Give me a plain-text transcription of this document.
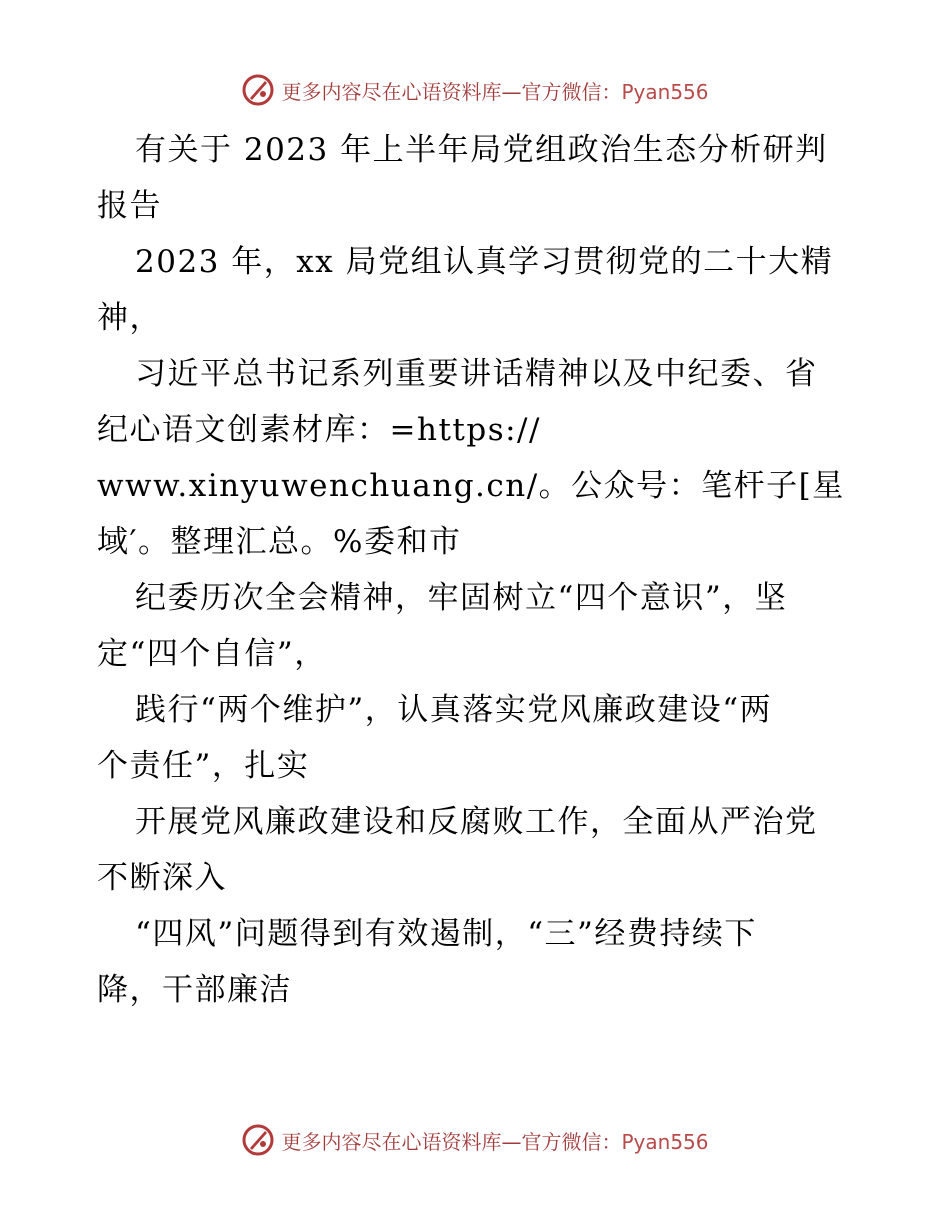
更多内容尽在心语资料库—官方微信：Pyan556
有关于 2023 年上半年局党组政治生态分析研判
报告
2023 年，xx 局党组认真学习贯彻党的二十大精
神，
习近平总书记系列重要讲话精神以及中纪委、省
纪心语文创素材库：=https://
www.xinyuwenchuang.cn/。公众号：笔杆子[星
域′。整理汇总。%委和市
纪委历次全会精神，牢固树立“四个意识”，坚
定“四个自信”，
践行“两个维护”，认真落实党风廉政建设“两
个责任”，扎实
开展党风廉政建设和反腐败工作，全面从严治党
不断深入
“四风”问题得到有效遏制，“三”经费持续下
降，干部廉洁
更多内容尽在心语资料库—官方微信：Pyan556
